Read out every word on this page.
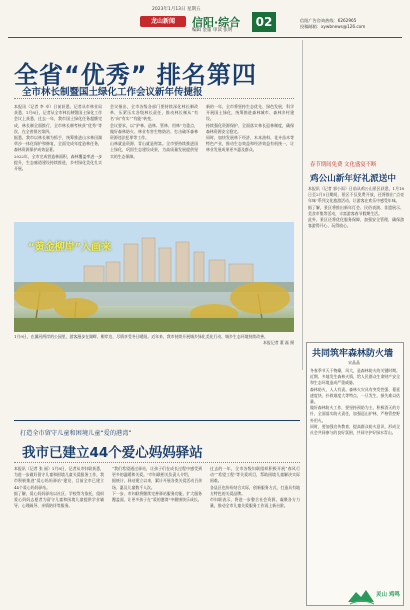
2023年1月13日 星期五
龙山新闻	信阳·综合
编辑 金董 审读 张明
02	信阳广告咨询热线：6262965
投稿邮箱：xywbnews@126.com
全省“优秀” 排名第四
全市林长制暨国土绿化工作会议新年传捷报
本报讯（记者 李 卓）日前获悉，记者从市林业局获悉，1月8日，记者从全市林长制暨国土绿化工作会议上获悉，过去一年，我市国土绿化任务超额完成，林长制全面推行，全市林长制考核获“优秀”等次，在全省排名第四。
据悉，我市以林长制为抓手，统筹推进山水林田湖草沙一体化保护和修复，全面完成年度造林任务，森林资源保护成效显著。
2022年，全市完成营造林面积，森林覆盖率进一步提升，生态廊道建设持续推进，乡村绿化美化扎实开展。
会议指出，全市各级各部门要持续深化林长制改革，压紧压实各级林长责任，推动林长制从“有名”向“有实”“有能”转变。
会议要求，以“护林、造林、管林、用林”为重点，做好森林防火、林业有害生物防治、打击破坏森林资源违法犯罪等工作。
山林就是资源，青山就是财富。全市要持续推进国土绿化，巩固生态建设成果，为高质量发展提供坚实的生态保障。
新的一年，全市将坚持生态优先、绿色发展，科学开展国土绿化，统筹推进森林城市、森林乡村建设。
持续强化资源保护，全面落实林长巡林制度，确保森林资源安全稳定。
同时，加快发展林下经济、木本油料、花卉苗木等特色产业，推动生态效益和经济效益有机统一，让林业发展成果更多惠及群众。
“黄金柳岸”入画来
1月9日，在浉河两岸的公园里，游客漫步在湖畔、柳岸边，尽情享受冬日暖阳。近年来，我市持续开展城乡绿化美化行动，城乡生态环境持续改善。
本报记者 董 磊 摄
春节期间免费 文化盛宴不断
鸡公山新年好礼派送中
本报讯（记者 郭小雨）日前从鸡公山景区获悉，1月18日至2月5日期间，景区不仅免费开放，还将推出“点亮年味”系列文化旅游活动，让游客在欢乐中感受年味。
据了解，景区将推出新年灯会、民俗表演、非遗展示、美食市集等活动，丰富游客春节假期生活。
此外，景区还将优化服务保障，加强安全管理，确保游客游得开心、玩得放心。
共同筑牢森林防火墙
宋晶晶
冬春季节天干物燥，风大，是森林防火的关键时期。近期，多地发生森林火情，给人民群众生命财产安全和生态环境造成严重威胁。
森林防火，人人有责。森林火灾具有突发性强、蔓延速度快、扑救难度大等特点，一旦发生，损失难以估量。
做好森林防火工作，要坚持预防为主、积极消灭的方针，全面落实防火责任，加强巡山护林，严格管控野外用火。
同时，要加强宣传教育，提高群众防火意识，形成全社会共同参与的良好氛围，共同守护好绿水青山。
打造全市留守儿童和困境儿童“爱的港湾”
我市已建立44个爱心妈妈驿站
本报讯（记者 张 丽）1月8日，记者从市妇联获悉，为进一步做好留守儿童和困境儿童关爱服务工作，我市积极推进“爱心妈妈驿站”建设，目前全市已建立44个爱心妈妈驿站。
据了解，爱心妈妈驿站以社区、学校等为依托，组织爱心妈妈志愿者为留守儿童和困境儿童提供学业辅导、心理疏导、亲情陪伴等服务。
“我们希望通过驿站，让孩子们在成长过程中感受到更多的温暖和关爱。”市妇联相关负责人介绍。
据统计，驿站建立以来，累计开展各类关爱活动百余场，惠及儿童数千人次。
下一步，市妇联将继续完善驿站服务功能，扩大服务覆盖面，让更多孩子在“爱的港湾”中健康快乐成长。
过去的一年，全市各级妇联组织积极开展“春风行动”“希望工程”等关爱项目，帮助困境儿童解决实际困难。
各县区也纷纷结合实际，创新服务方式，打造具有地方特色的关爱品牌。
市妇联表示，将进一步整合社会资源，凝聚各方力量，推动全市儿童关爱服务工作再上新台阶。
灵山 鸡鸣
